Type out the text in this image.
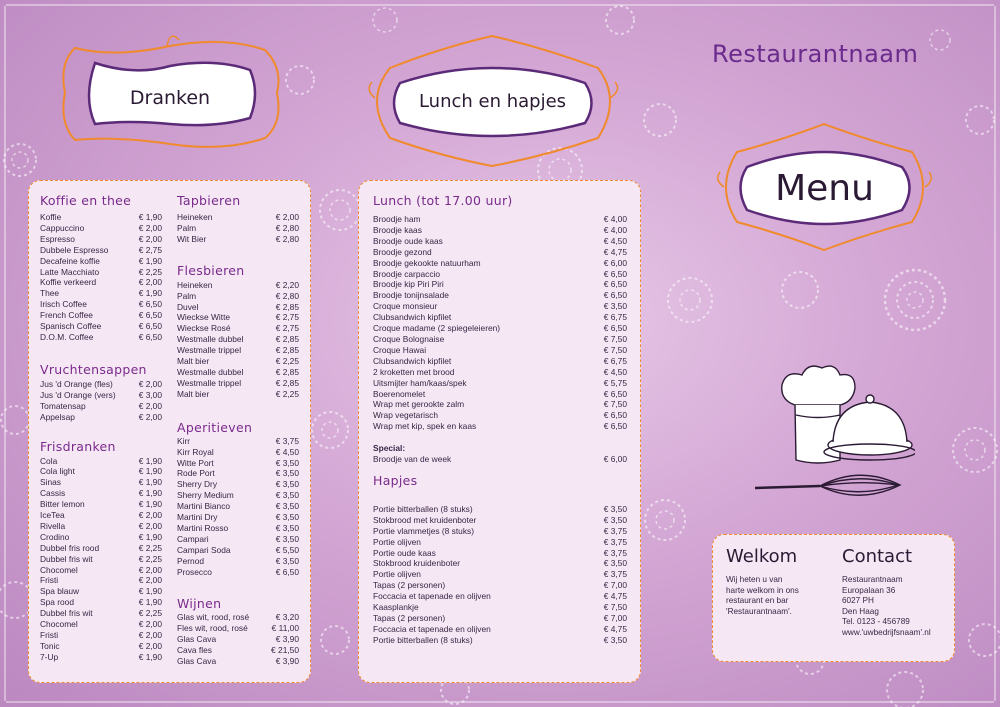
Dranken	Lunch en hapjes
Restaurantnaam
Menu
Koffie en thee
Koffie	€ 1,90
Cappuccino	€ 2,00
Espresso	€ 2,00
Dubbele Espresso	€ 2,75
Decafeine koffie	€ 1,90
Latte Macchiato	€ 2,25
Koffie verkeerd	€ 2,00
Thee	€ 1,90
Irisch Coffee	€ 6,50
French Coffee	€ 6,50
Spanisch Coffee	€ 6,50
D.O.M. Coffee	€ 6,50
Vruchtensappen
Jus 'd Orange (fles)	€ 2,00
Jus 'd Orange (vers)	€ 3,00
Tomatensap	€ 2,00
Appelsap	€ 2,00
Frisdranken
Cola	€ 1,90
Cola light	€ 1,90
Sinas	€ 1,90
Cassis	€ 1,90
Bitter lemon	€ 1,90
IceTea	€ 2,00
Rivella	€ 2,00
Crodino	€ 1,90
Dubbel fris rood	€ 2,25
Dubbel fris wit	€ 2,25
Chocomel	€ 2,00
Fristi	€ 2,00
Spa blauw	€ 1,90
Spa rood	€ 1,90
Dubbel fris wit	€ 2,25
Chocomel	€ 2,00
Fristi	€ 2,00
Tonic	€ 2,00
7-Up	€ 1,90
Tapbieren
Heineken	€ 2,00
Palm	€ 2,80
Wit Bier	€ 2,80
Flesbieren
Heineken	€ 2,20
Palm	€ 2,80
Duvel	€ 2,85
Wieckse Witte	€ 2,75
Wieckse Rosé	€ 2,75
Westmalle dubbel	€ 2,85
Westmalle trippel	€ 2,85
Malt bier	€ 2,25
Westmalle dubbel	€ 2,85
Westmalle trippel	€ 2,85
Malt bier	€ 2,25
Aperitieven
Kirr	€ 3,75
Kirr Royal	€ 4,50
Witte Port	€ 3,50
Rode Port	€ 3,50
Sherry Dry	€ 3,50
Sherry Medium	€ 3,50
Martini Bianco	€ 3,50
Martini Dry	€ 3,50
Martini Rosso	€ 3,50
Campari	€ 3,50
Campari Soda	€ 5,50
Pernod	€ 3,50
Prosecco	€ 6,50
Wijnen
Glas wit, rood, rosé	€ 3,20
Fles wit, rood, rosé	€ 11,00
Glas Cava	€ 3,90
Cava fles	€ 21,50
Glas Cava	€ 3,90
Lunch (tot 17.00 uur)
Broodje ham	€ 4,00
Broodje kaas	€ 4,00
Broodje oude kaas	€ 4,50
Broodje gezond	€ 4,75
Broodje gekookte natuurham	€ 6,00
Broodje carpaccio	€ 6,50
Broodje kip Piri Piri	€ 6,50
Broodje tonijnsalade	€ 6,50
Croque monsieur	€ 3,50
Clubsandwich kipfilet	€ 6,75
Croque madame (2 spiegeleieren)	€ 6,50
Croque Bolognaise	€ 7,50
Croque Hawai	€ 7,50
Clubsandwich kipfilet	€ 6,75
2 kroketten met brood	€ 4,50
Uitsmijter ham/kaas/spek	€ 5,75
Boerenomelet	€ 6,50
Wrap met gerookte zalm	€ 7,50
Wrap vegetarisch	€ 6,50
Wrap met kip, spek en kaas	€ 6,50
Special:
Broodje van de week	€ 6,00
Hapjes
Portie bitterballen (8 stuks)	€ 3,50
Stokbrood met kruidenboter	€ 3,50
Portie vlammetjes (8 stuks)	€ 3,75
Portie olijven	€ 3,75
Portie oude kaas	€ 3,75
Stokbrood kruidenboter	€ 3,50
Portie olijven	€ 3,75
Tapas (2 personen)	€ 7,00
Foccacia et tapenade en olijven	€ 4,75
Kaasplankje	€ 7,50
Tapas (2 personen)	€ 7,00
Foccacia et tapenade en olijven	€ 4,75
Portie bitterballen (8 stuks)	€ 3,50
Welkom
Wij heten u van
harte welkom in ons
restaurant en bar
'Restaurantnaam'.
Contact
Restaurantnaam
Europalaan 36
6027 PH
Den Haag
Tel. 0123 - 456789
www.'uwbedrijfsnaam'.nl
